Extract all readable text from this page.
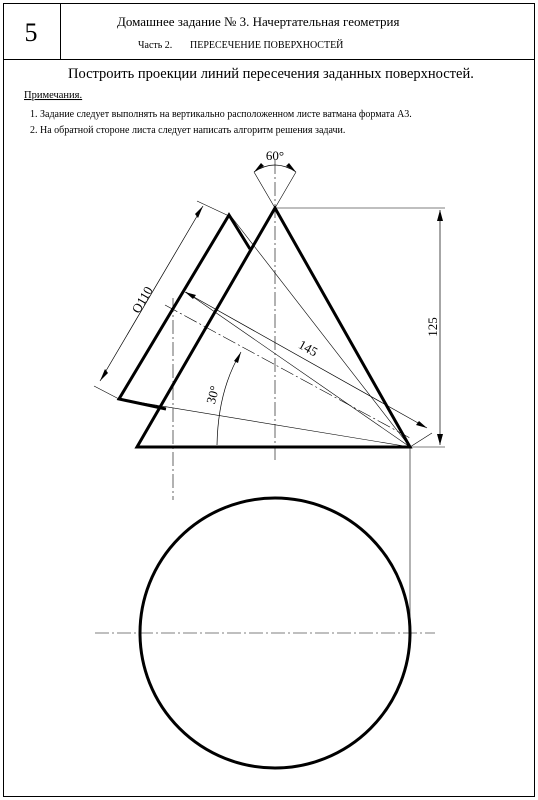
5	Домашнее задание № 3. Начертательная геометрия
Часть 2. ПЕРЕСЕЧЕНИЕ ПОВЕРХНОСТЕЙ
Построить проекции линий пересечения заданных поверхностей.
Примечания.
1. Задание следует выполнять на вертикально расположенном листе ватмана формата А3.
2. На обратной стороне листа следует написать алгоритм решения задачи.
60°
O110
145
125
30°
